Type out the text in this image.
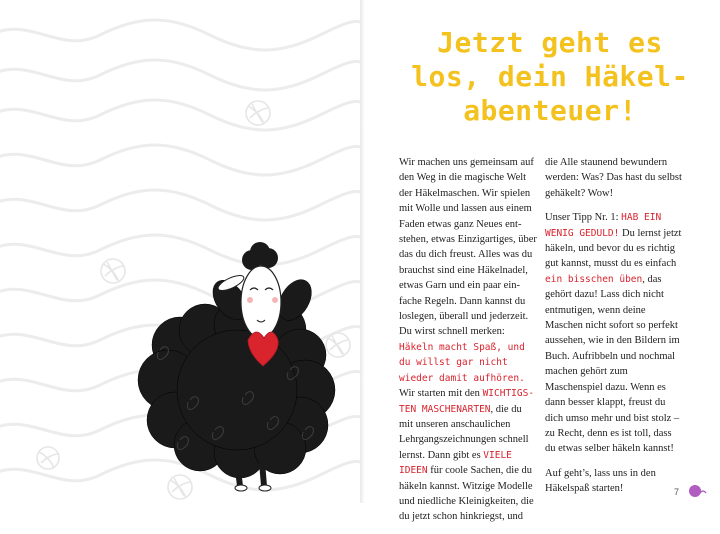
Jetzt geht es
los, dein Häkel-
abenteuer!

Wir machen uns gemeinsam auf den Weg in die magische Welt der Häkelmaschen. Wir spielen mit Wolle und lassen aus einem Faden etwas ganz Neues entstehen, etwas Einzigartiges, über das du dich freust. Alles was du brauchst sind eine Häkelnadel, etwas Garn und ein paar einfache Regeln. Dann kannst du loslegen, überall und jederzeit. Du wirst schnell merken: Häkeln macht Spaß, und du willst gar nicht wieder damit aufhören. Wir starten mit den WICHTIGSTEN MASCHENARTEN, die du mit unseren anschaulichen Lehrgangszeichnungen schnell lernst. Dann gibt es VIELE IDEEN für coole Sachen, die du häkeln kannst. Witzige Modelle und niedliche Kleinigkeiten, die du jetzt schon hinkriegst, und

die Alle staunend bewundern werden: Was? Das hast du selbst gehäkelt? Wow!

Unser Tipp Nr. 1: HAB EIN WENIG GEDULD! Du lernst jetzt häkeln, und bevor du es richtig gut kannst, musst du es einfach ein bisschen üben, das gehört dazu! Lass dich nicht entmutigen, wenn deine Maschen nicht sofort so perfekt aussehen, wie in den Bildern im Buch. Aufribbeln und nochmal machen gehört zum Maschenspiel dazu. Wenn es dann besser klappt, freust du dich umso mehr und bist stolz – zu Recht, denn es ist toll, dass du etwas selber häkeln kannst!

Auf geht’s, lass uns in den Häkelspaß starten!	7
